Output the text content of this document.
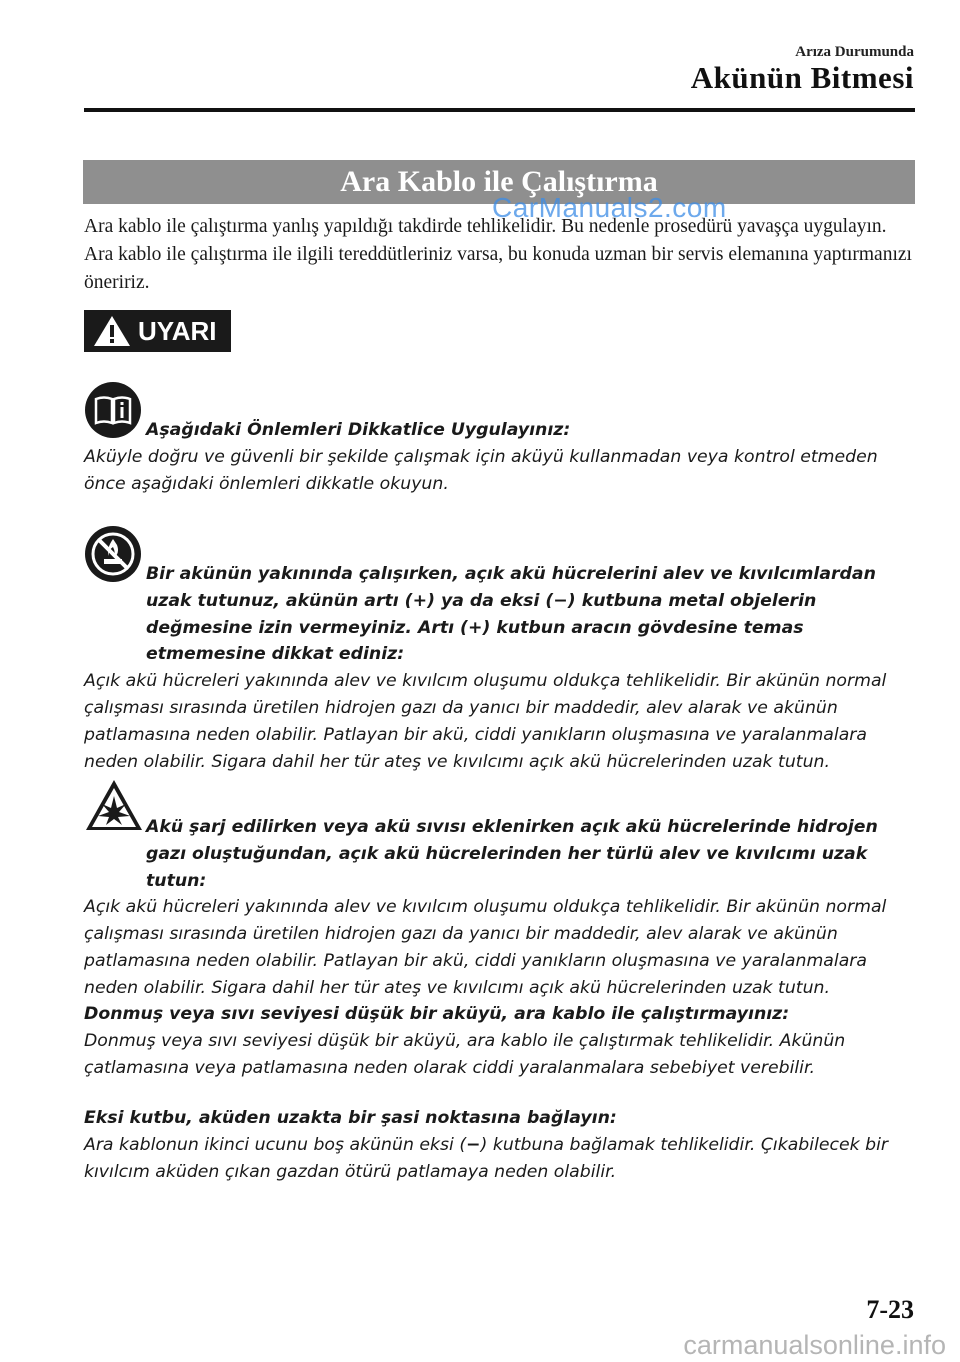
Arıza Durumunda
Akünün Bitmesi
Ara Kablo ile Çalıştırma
CarManuals2.com

Ara kablo ile çalıştırma yanlış yapıldığı takdirde tehlikelidir. Bu nedenle prosedürü yavaşça uygulayın. Ara kablo ile çalıştırma ile ilgili tereddütleriniz varsa, bu konuda uzman bir servis elemanına yaptırmanızı öneririz.

UYARI

Aşağıdaki Önlemleri Dikkatlice Uygulayınız:

Aküyle doğru ve güvenli bir şekilde çalışmak için aküyü kullanmadan veya kontrol etmeden önce aşağıdaki önlemleri dikkatle okuyun.

Bir akünün yakınında çalışırken, açık akü hücrelerini alev ve kıvılcımlardan uzak tutunuz, akünün artı (+) ya da eksi (−) kutbuna metal objelerin değmesine izin vermeyiniz. Artı (+) kutbun aracın gövdesine temas etmemesine dikkat ediniz:

Açık akü hücreleri yakınında alev ve kıvılcım oluşumu oldukça tehlikelidir. Bir akünün normal çalışması sırasında üretilen hidrojen gazı da yanıcı bir maddedir, alev alarak ve akünün patlamasına neden olabilir. Patlayan bir akü, ciddi yanıkların oluşmasına ve yaralanmalara neden olabilir. Sigara dahil her tür ateş ve kıvılcımı açık akü hücrelerinden uzak tutun.

Akü şarj edilirken veya akü sıvısı eklenirken açık akü hücrelerinde hidrojen gazı oluştuğundan, açık akü hücrelerinden her türlü alev ve kıvılcımı uzak tutun:

Açık akü hücreleri yakınında alev ve kıvılcım oluşumu oldukça tehlikelidir. Bir akünün normal çalışması sırasında üretilen hidrojen gazı da yanıcı bir maddedir, alev alarak ve akünün patlamasına neden olabilir. Patlayan bir akü, ciddi yanıkların oluşmasına ve yaralanmalara neden olabilir. Sigara dahil her tür ateş ve kıvılcımı açık akü hücrelerinden uzak tutun.

Donmuş veya sıvı seviyesi düşük bir aküyü, ara kablo ile çalıştırmayınız:

Donmuş veya sıvı seviyesi düşük bir aküyü, ara kablo ile çalıştırmak tehlikelidir. Akünün çatlamasına veya patlamasına neden olarak ciddi yaralanmalara sebebiyet verebilir.

Eksi kutbu, aküden uzakta bir şasi noktasına bağlayın:

Ara kablonun ikinci ucunu boş akünün eksi (−) kutbuna bağlamak tehlikelidir. Çıkabilecek bir kıvılcım aküden çıkan gazdan ötürü patlamaya neden olabilir.

7-23
carmanualsonline.info
